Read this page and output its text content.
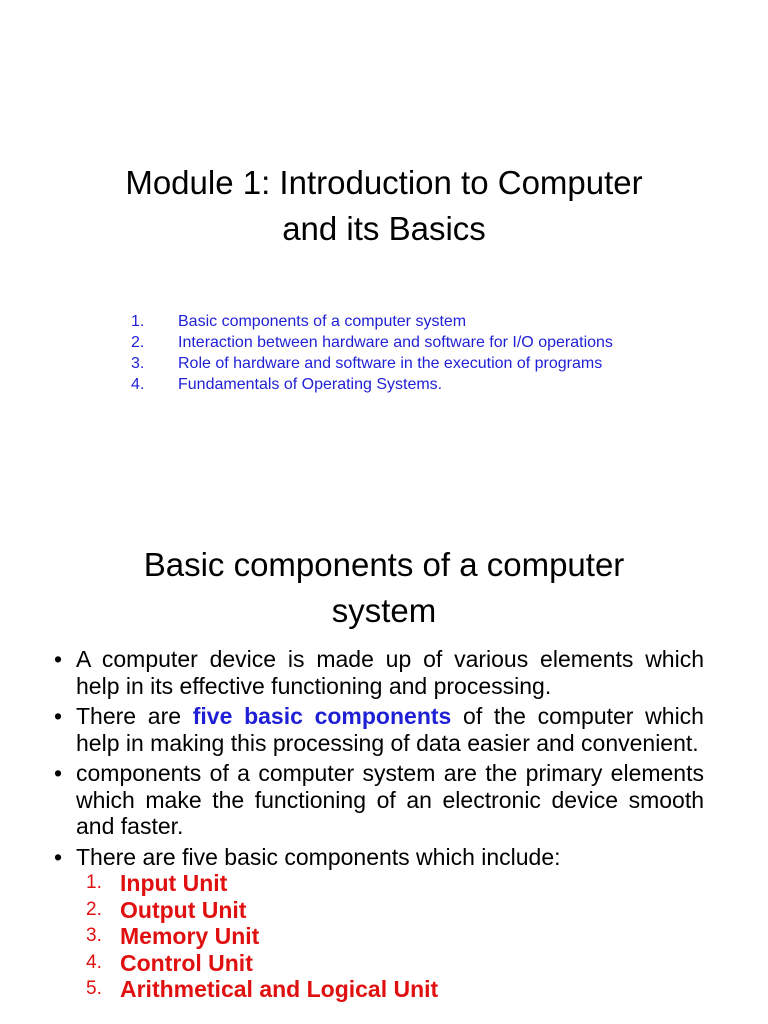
Module 1: Introduction to Computer
and its Basics
1.	Basic components of a computer system
2.	Interaction between hardware and software for I/O operations
3.	Role of hardware and software in the execution of programs
4.	Fundamentals of Operating Systems.
Basic components of a computer
system
• A computer device is made up of various elements which help in its effective functioning and processing.
• There are five basic components of the computer which help in making this processing of data easier and convenient.
• components of a computer system are the primary elements which make the functioning of an electronic device smooth and faster.
• There are five basic components which include:
1. Input Unit
2. Output Unit
3. Memory Unit
4. Control Unit
5. Arithmetical and Logical Unit
